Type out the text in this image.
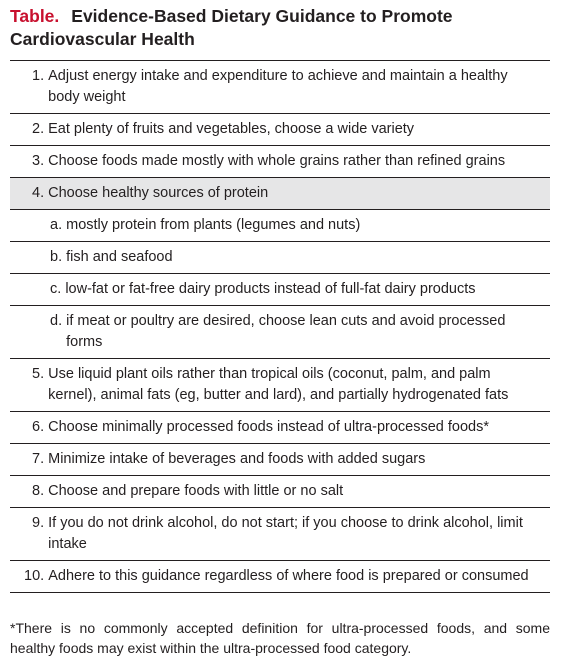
Table. Evidence-Based Dietary Guidance to Promote Cardiovascular Health
1.
Adjust energy intake and expenditure to achieve and maintain a healthy body weight

2.
Eat plenty of fruits and vegetables, choose a wide variety

3.
Choose foods made mostly with whole grains rather than refined grains

4.
Choose healthy sources of protein

a.
mostly protein from plants (legumes and nuts)

b.
fish and seafood

c.
low-fat or fat-free dairy products instead of full-fat dairy products

d.
if meat or poultry are desired, choose lean cuts and avoid processed forms

5.
Use liquid plant oils rather than tropical oils (coconut, palm, and palm kernel), animal fats (eg, butter and lard), and partially hydrogenated fats

6.
Choose minimally processed foods instead of ultra-processed foods*

7.
Minimize intake of beverages and foods with added sugars

8.
Choose and prepare foods with little or no salt

9.
If you do not drink alcohol, do not start; if you choose to drink alcohol, limit intake

10.
Adhere to this guidance regardless of where food is prepared or consumed
*There is no commonly accepted definition for ultra-processed foods, and some healthy foods may exist within the ultra-processed food category.
